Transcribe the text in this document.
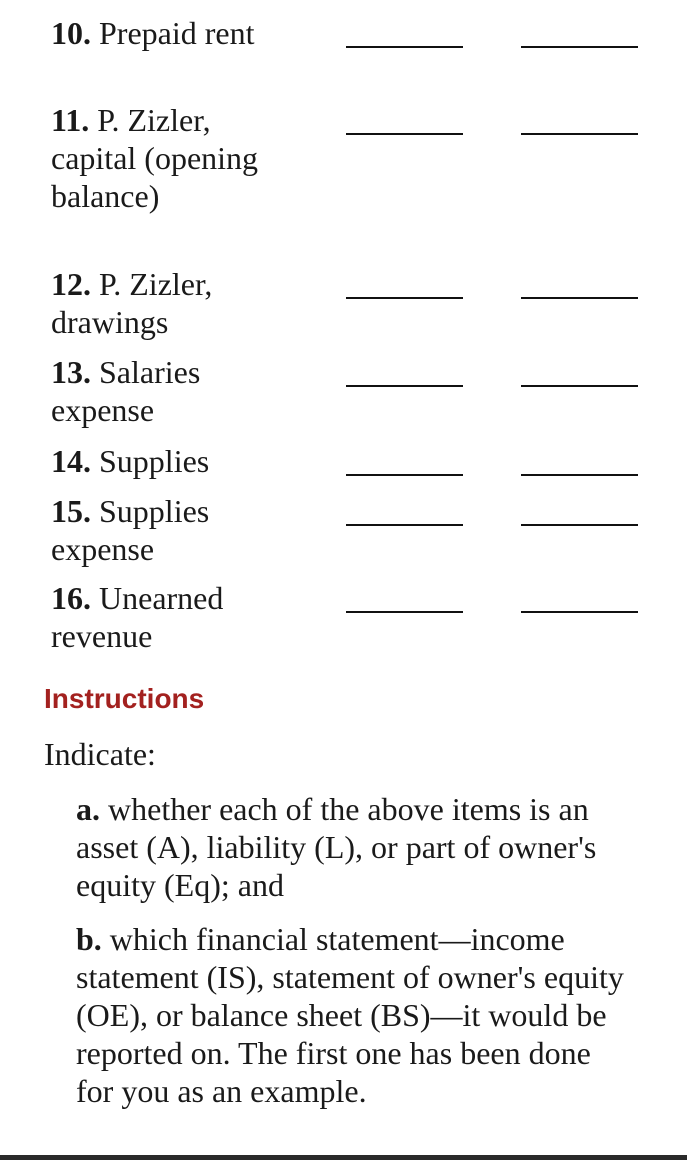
10. Prepaid rent
11. P. Zizler, capital (opening balance)
12. P. Zizler, drawings
13. Salaries expense
14. Supplies
15. Supplies expense
16. Unearned revenue
Instructions
Indicate:
a. whether each of the above items is an asset (A), liability (L), or part of owner's equity (Eq); and
b. which financial statement—income statement (IS), statement of owner's equity (OE), or balance sheet (BS)—it would be reported on. The first one has been done for you as an example.
